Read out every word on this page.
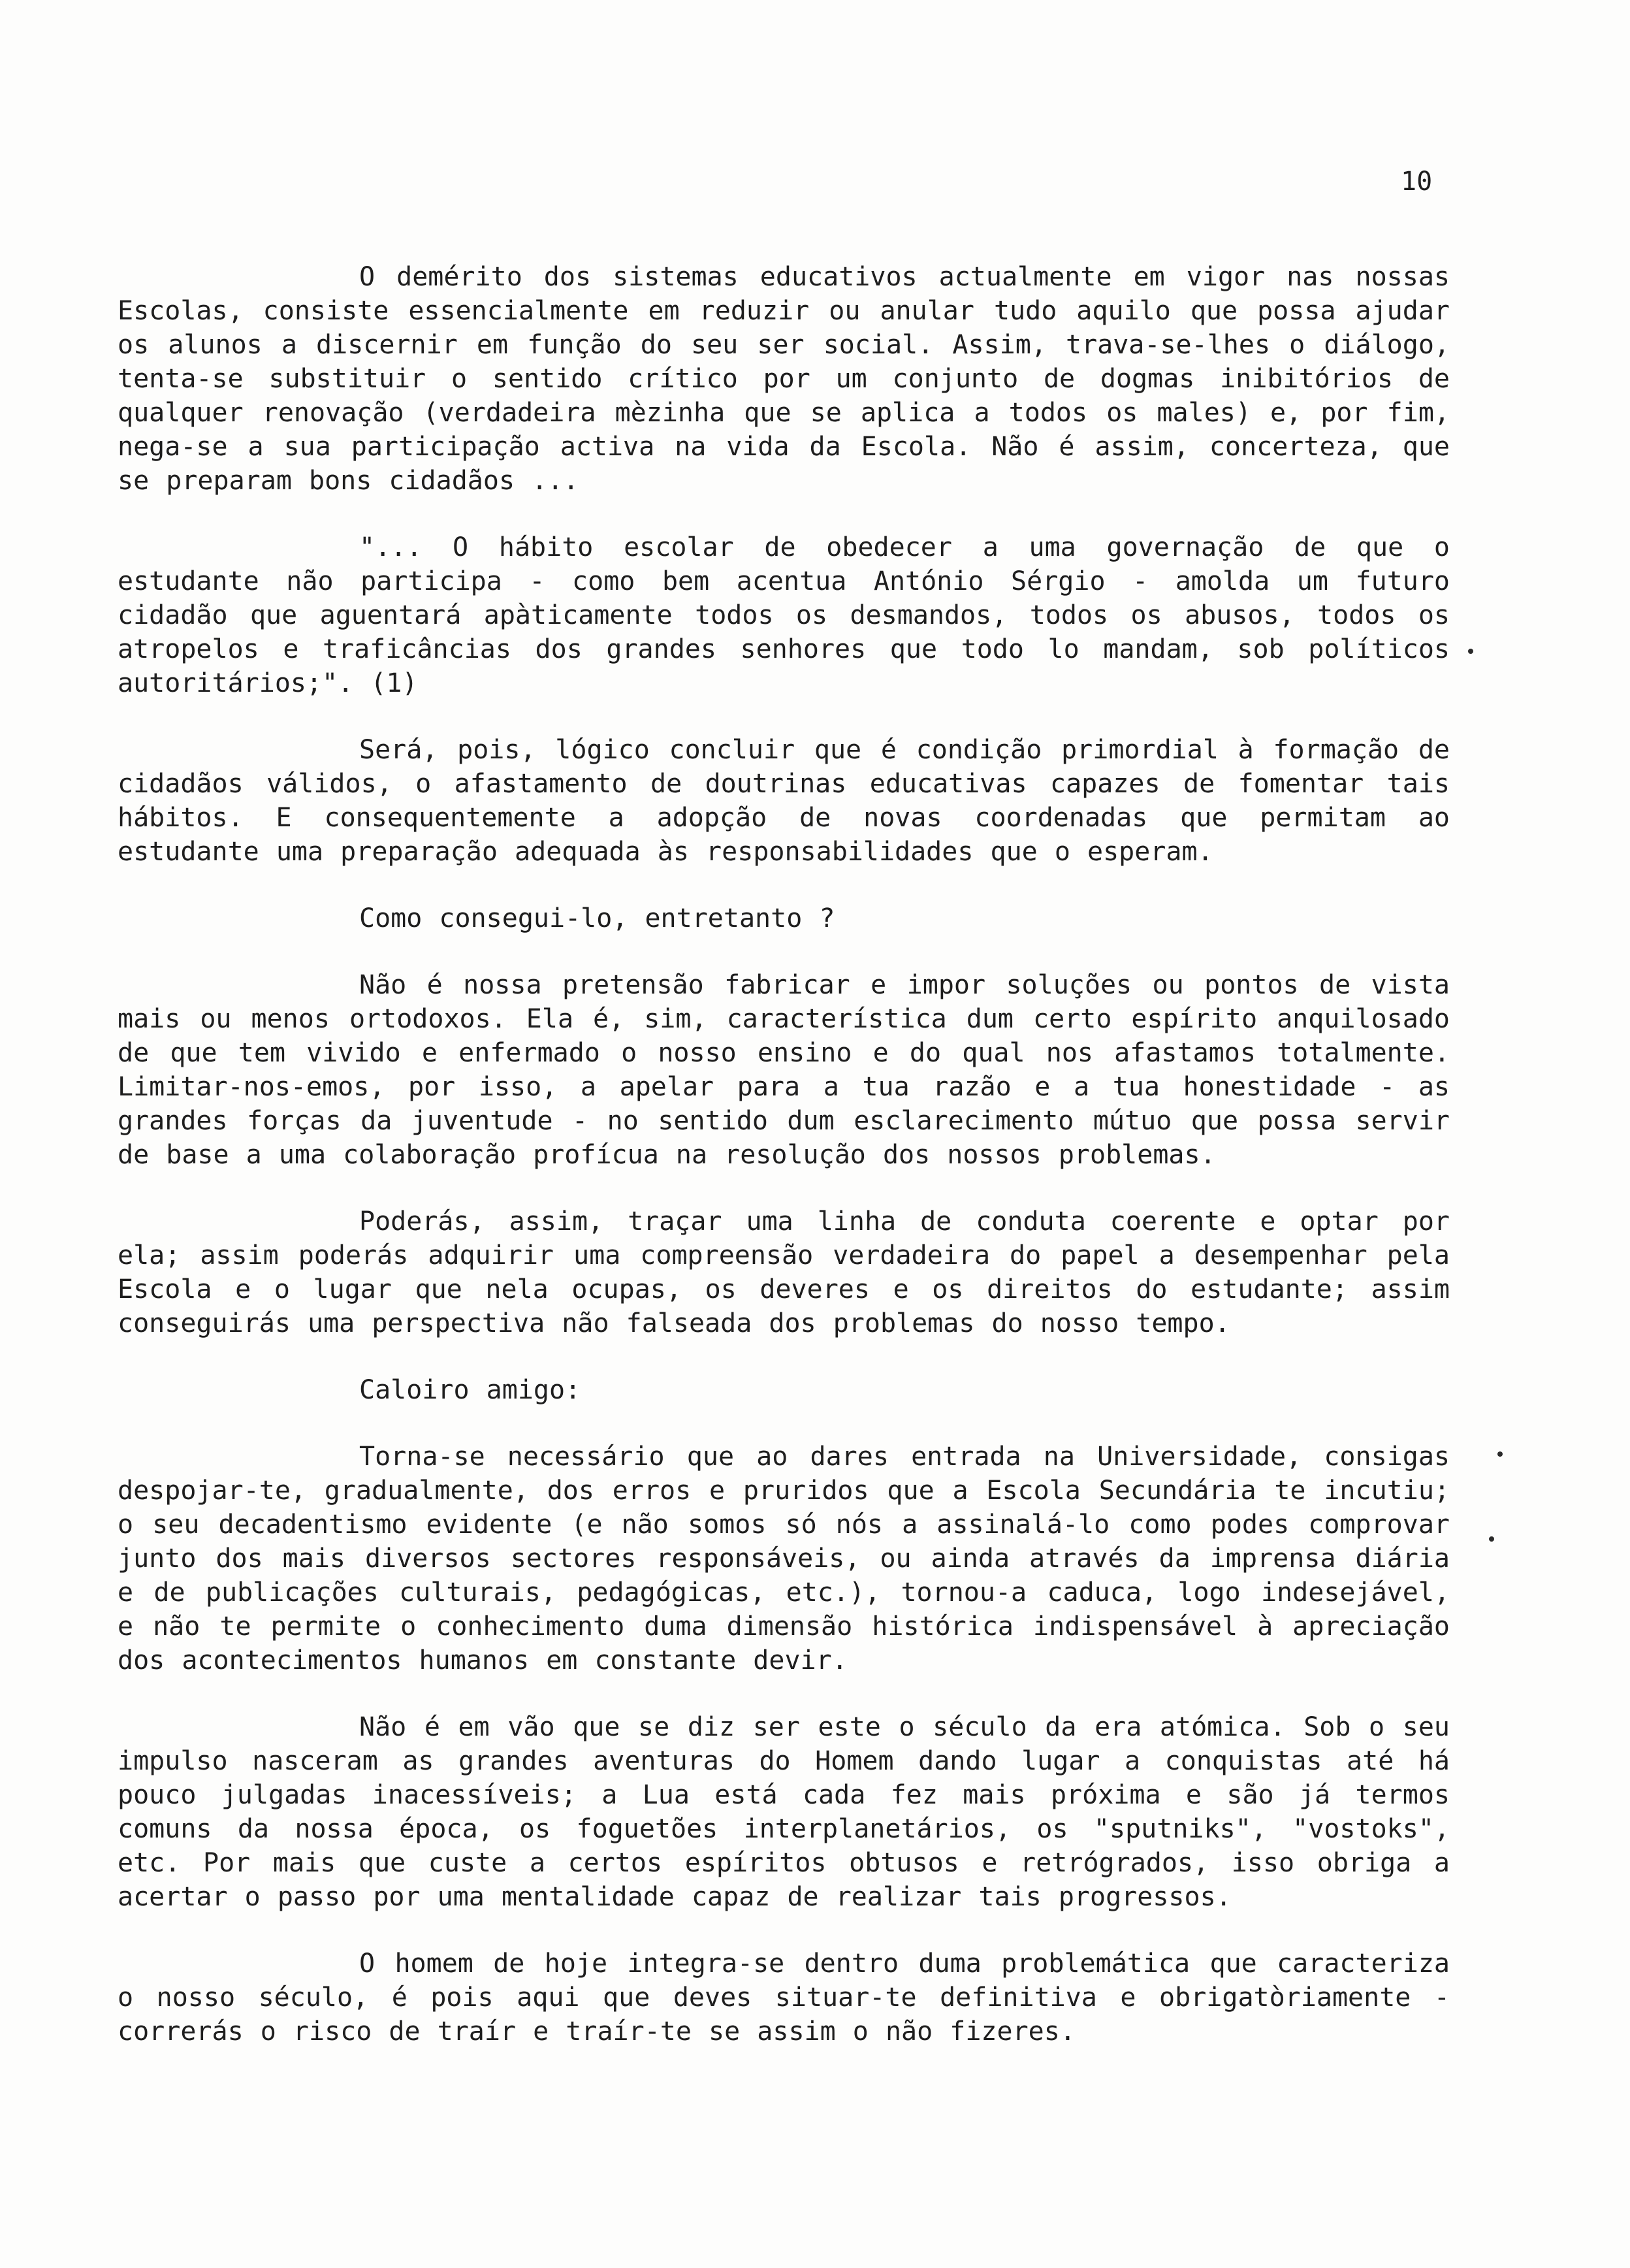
10

O demérito dos sistemas educativos actualmente em vigor nas nossas Escolas, consiste essencialmente em reduzir ou anular tudo aquilo que possa ajudar os alunos a discernir em função do seu ser social. Assim, trava-se-lhes o diálogo, tenta-se substituir o sentido crítico por um conjunto de dogmas inibitórios de qualquer renovação (verdadeira mèzinha que se aplica a todos os males) e, por fim, nega-se a sua participação activa na vida da Escola. Não é assim, concerteza, que se preparam bons cidadãos ...

"... O hábito escolar de obedecer a uma governação de que o estudante não participa - como bem acentua António Sérgio - amolda um futuro cidadão que aguentará apàticamente todos os desmandos, todos os abusos, todos os atropelos e traficâncias dos grandes senhores que todo lo mandam, sob políticos autoritários;". (1)

Será, pois, lógico concluir que é condição primordial à formação de cidadãos válidos, o afastamento de doutrinas educativas capazes de fomentar tais hábitos. E consequentemente a adopção de novas coordenadas que permitam ao estudante uma preparação adequada às responsabilidades que o esperam.

Como consegui-lo, entretanto ?

Não é nossa pretensão fabricar e impor soluções ou pontos de vista mais ou menos ortodoxos. Ela é, sim, característica dum certo espírito anquilosado de que tem vivido e enfermado o nosso ensino e do qual nos afastamos totalmente. Limitar-nos-emos, por isso, a apelar para a tua razão e a tua honestidade - as grandes forças da juventude - no sentido dum esclarecimento mútuo que possa servir de base a uma colaboração profícua na resolução dos nossos problemas.

Poderás, assim, traçar uma linha de conduta coerente e optar por ela; assim poderás adquirir uma compreensão verdadeira do papel a desempenhar pela Escola e o lugar que nela ocupas, os deveres e os direitos do estudante; assim conseguirás uma perspectiva não falseada dos problemas do nosso tempo.

Caloiro amigo:

Torna-se necessário que ao dares entrada na Universidade, consigas despojar-te, gradualmente, dos erros e pruridos que a Escola Secundária te incutiu; o seu decadentismo evidente (e não somos só nós a assinalá-lo como podes comprovar junto dos mais diversos sectores responsáveis, ou ainda através da imprensa diária e de publicações culturais, pedagógicas, etc.), tornou-a caduca, logo indesejável, e não te permite o conhecimento duma dimensão histórica indispensável à apreciação dos acontecimentos humanos em constante devir.

Não é em vão que se diz ser este o século da era atómica. Sob o seu impulso nasceram as grandes aventuras do Homem dando lugar a conquistas até há pouco julgadas inacessíveis; a Lua está cada fez mais próxima e são já termos comuns da nossa época, os foguetões interplanetários, os "sputniks", "vostoks", etc. Por mais que custe a certos espíritos obtusos e retrógrados, isso obriga a acertar o passo por uma mentalidade capaz de realizar tais progressos.

O homem de hoje integra-se dentro duma problemática que caracteriza o nosso século, é pois aqui que deves situar-te definitiva e obrigatòriamente - correrás o risco de traír e traír-te se assim o não fizeres.
